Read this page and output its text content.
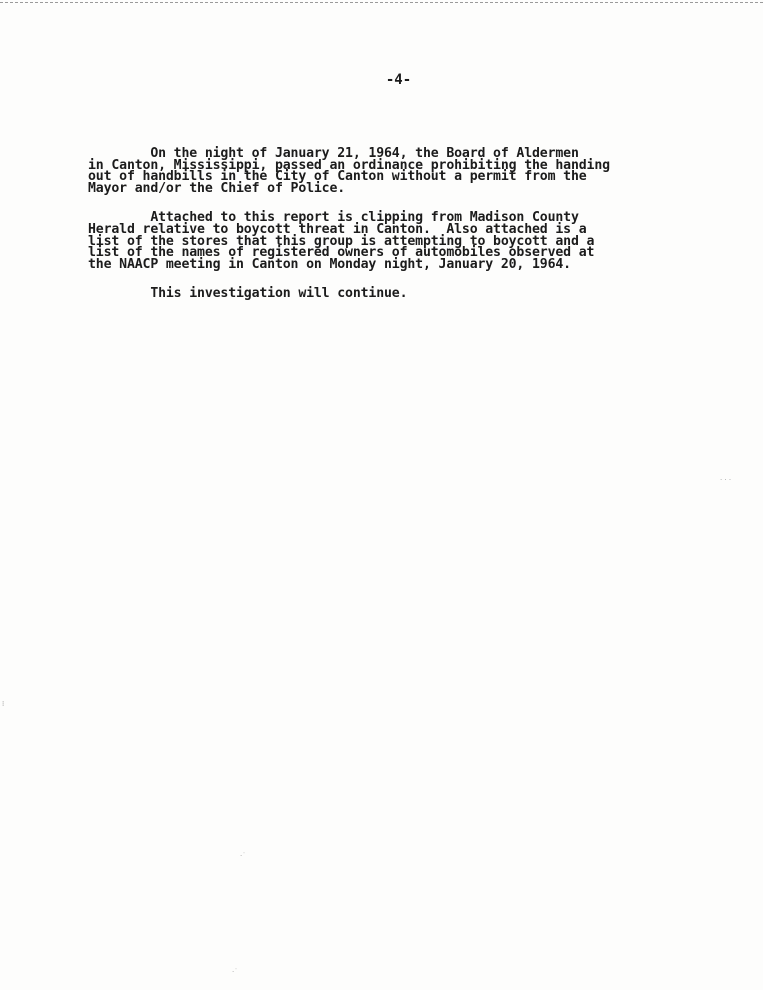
-4-

On the night of January 21, 1964, the Board of Aldermen
in Canton, Mississippi, passed an ordinance prohibiting the handing
out of handbills in the City of Canton without a permit from the
Mayor and/or the Chief of Police.

Attached to this report is clipping from Madison County
Herald relative to boycott threat in Canton.  Also attached is a
list of the stores that this group is attempting to boycott and a
list of the names of registered owners of automobiles observed at
the NAACP meeting in Canton on Monday night, January 20, 1964.

This investigation will continue.

·˙
·˙
· · ·
⁞
